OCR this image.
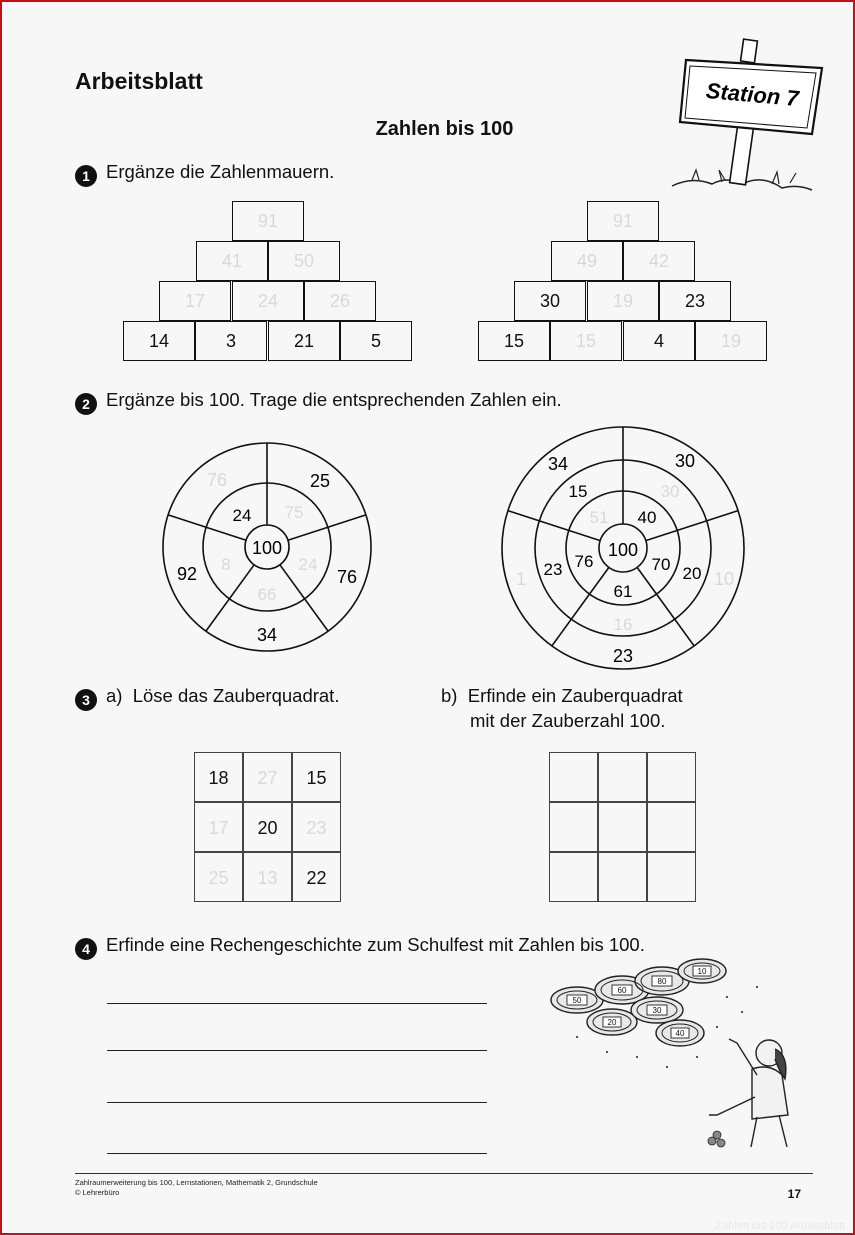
Arbeitsblatt
Zahlen bis 100
Station 7
1 Ergänze die Zahlenmauern.
91
41	50
17	24	26
14	3	21	5
91
49	42
30	19	23
15	15	4	19
2 Ergänze bis 100. Trage die entsprechenden Zahlen ein.
100
75
24
66
8
24
25
76
34
92
76
100
40
70
61
76
51
30
20
16
23
15
30
10
23
1
34
3 a) Löse das Zauberquadrat.	b) Erfinde ein Zauberquadrat
mit der Zauberzahl 100.
18	27	15
17	20	23
25	13	22
4 Erfinde eine Rechengeschichte zum Schulfest mit Zahlen bis 100.
50
60
80
10
20
30
40
Zahlraumerweiterung bis 100, Lernstationen, Mathematik 2, Grundschule
© Lehrerbüro	17
Zahlen bis 100 Arbeitsblatt
